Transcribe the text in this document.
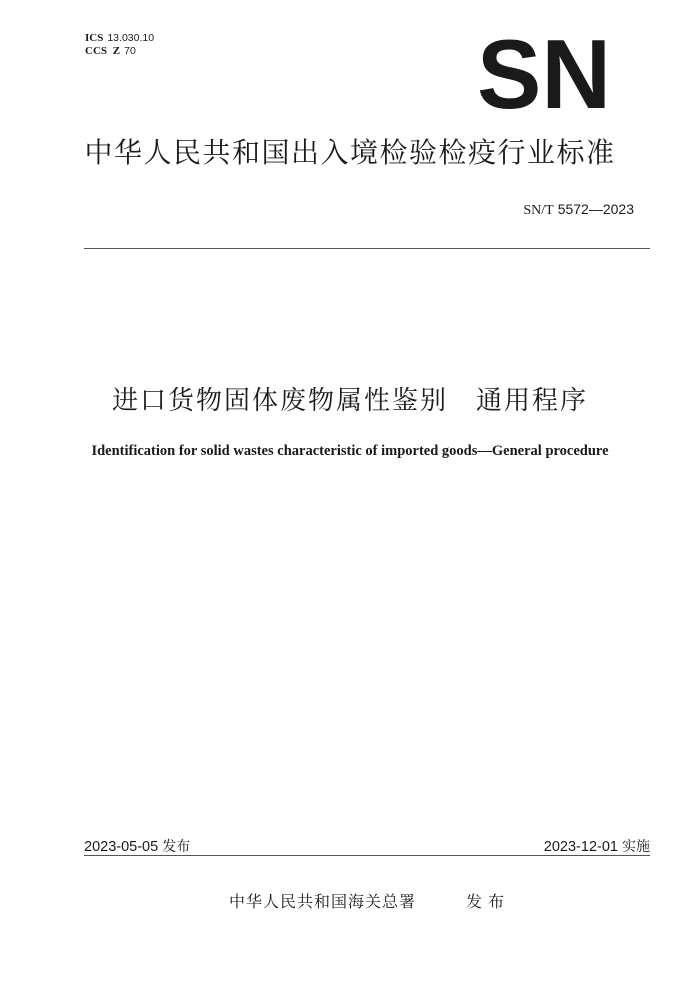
ICS 13.030.10
CCS Z 70	SN
中华人民共和国出入境检验检疫行业标准
SN/T 5572—2023
进口货物固体废物属性鉴别　通用程序
Identification for solid wastes characteristic of imported goods—General procedure
2023-05-05 发布	2023-12-01 实施
中华人民共和国海关总署	发布
